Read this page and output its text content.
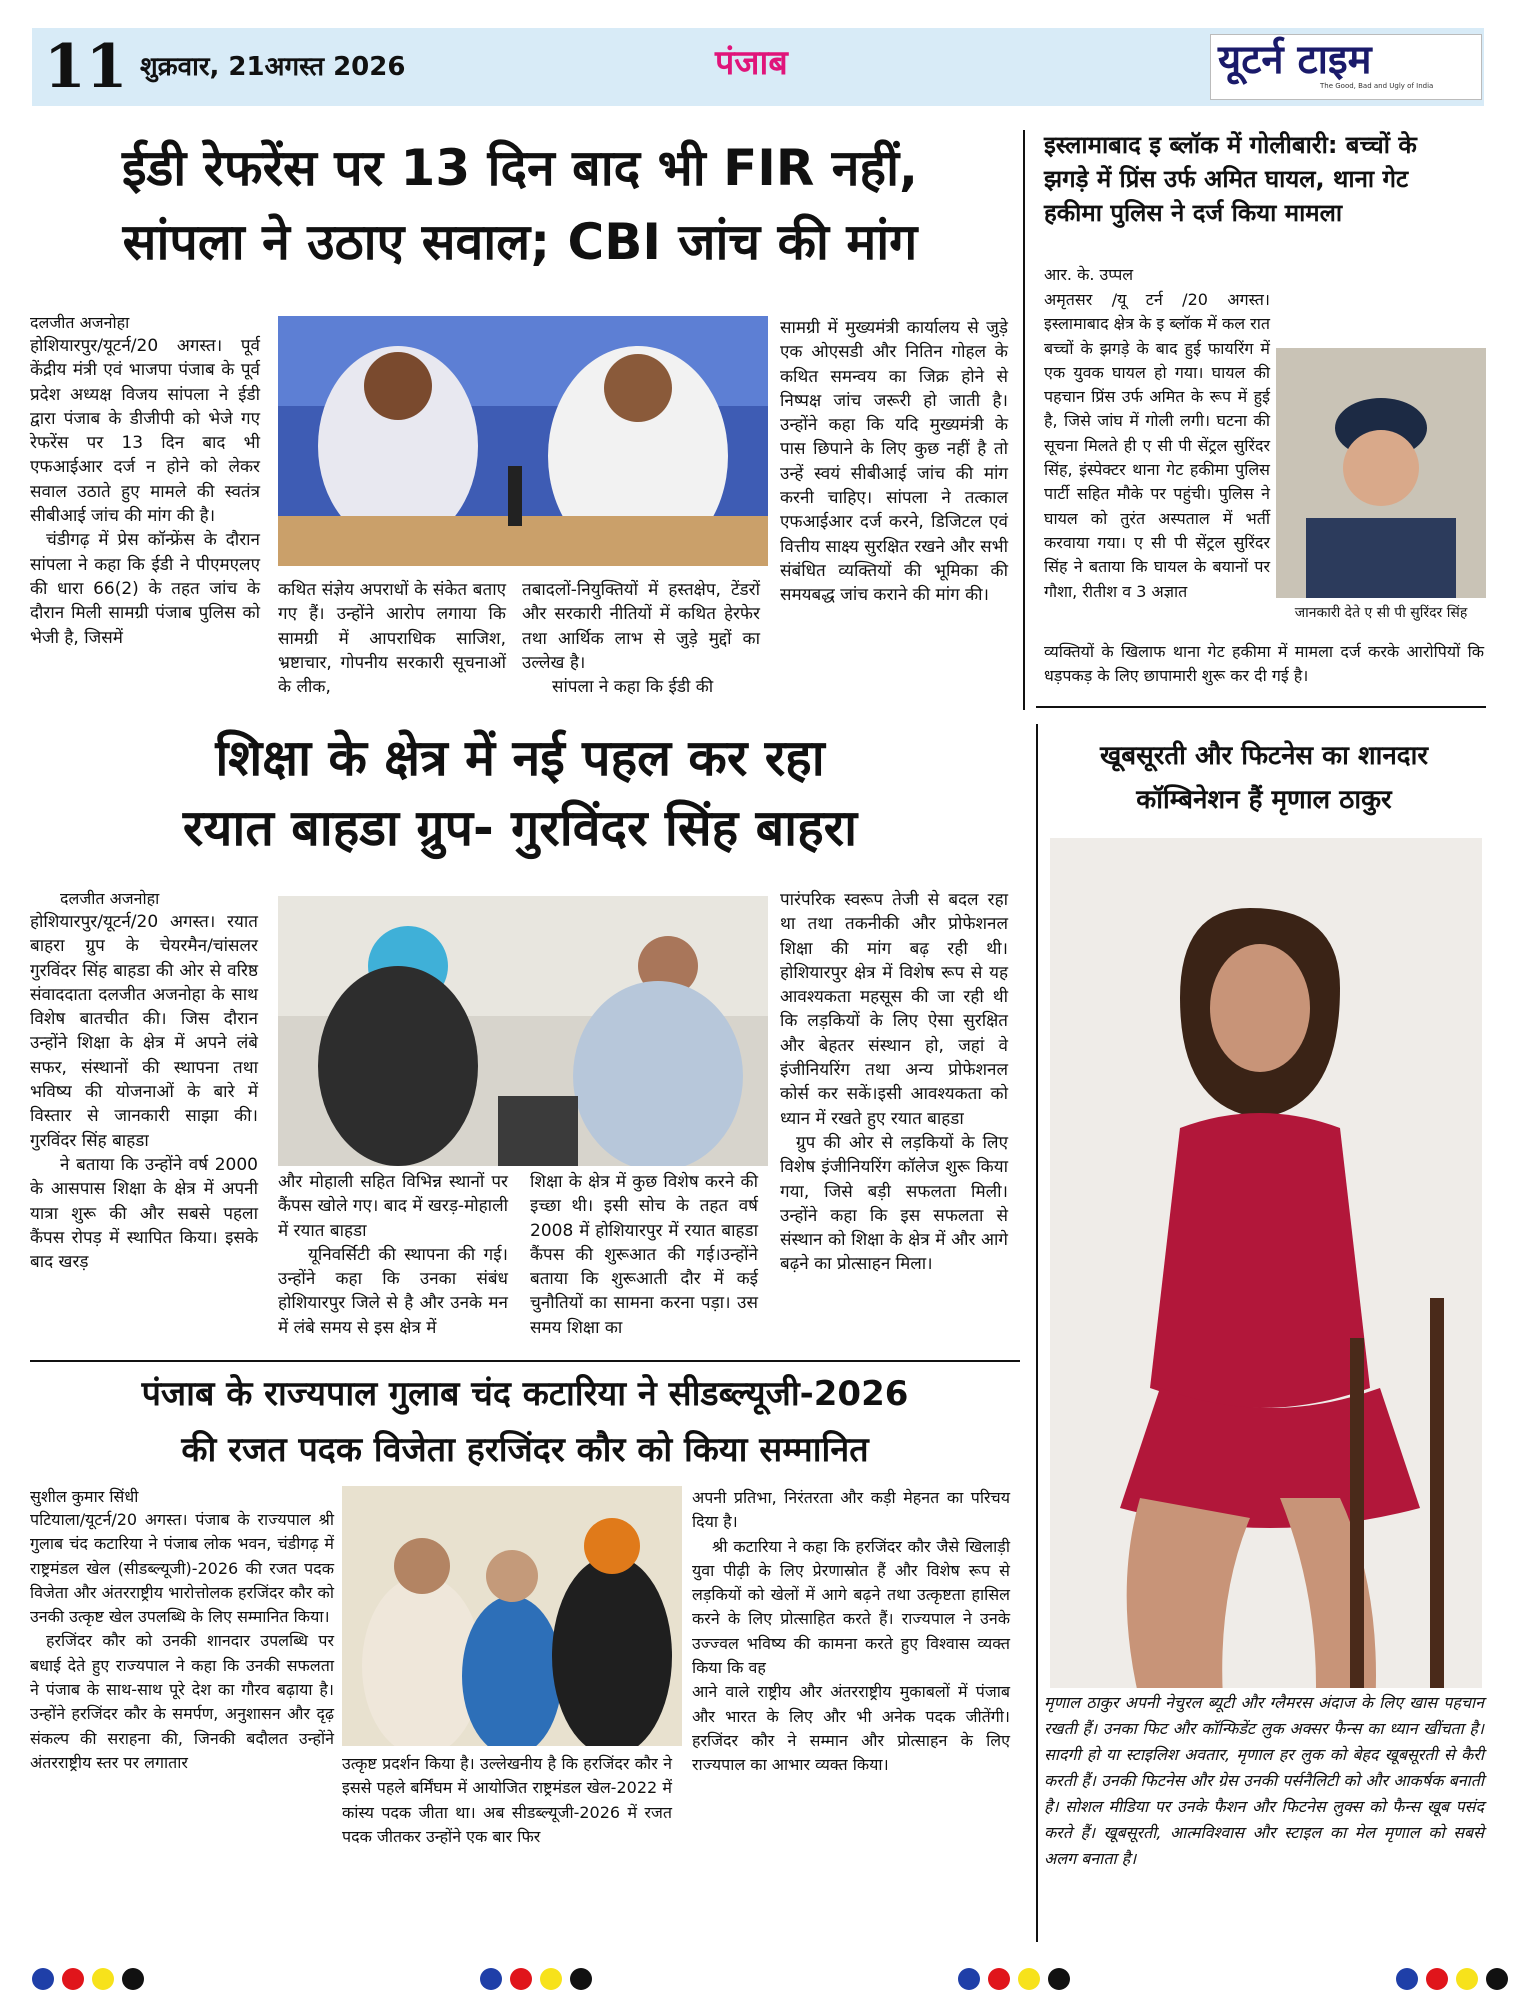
11 शुक्रवार, 21अगस्त 2026	पंजाब	यूटर्न टाइम
The Good, Bad and Ugly of India
ईडी रेफरेंस पर 13 दिन बाद भी FIR नहीं,
सांपला ने उठाए सवाल; CBI जांच की मांग
दलजीत अजनोहा

होशियारपुर/यूटर्न/20 अगस्त। पूर्व केंद्रीय मंत्री एवं भाजपा पंजाब के पूर्व प्रदेश अध्यक्ष विजय सांपला ने ईडी द्वारा पंजाब के डीजीपी को भेजे गए रेफरेंस पर 13 दिन बाद भी एफआईआर दर्ज न होने को लेकर सवाल उठाते हुए मामले की स्वतंत्र सीबीआई जांच की मांग की है।

चंडीगढ़ में प्रेस कॉन्फ्रेंस के दौरान सांपला ने कहा कि ईडी ने पीएमएलए की धारा 66(2) के तहत जांच के दौरान मिली सामग्री पंजाब पुलिस को भेजी है, जिसमें

कथित संज्ञेय अपराधों के संकेत बताए गए हैं। उन्होंने आरोप लगाया कि सामग्री में आपराधिक साजिश, भ्रष्टाचार, गोपनीय सरकारी सूचनाओं के लीक,

तबादलों-नियुक्तियों में हस्तक्षेप, टेंडरों और सरकारी नीतियों में कथित हेरफेर तथा आर्थिक लाभ से जुड़े मुद्दों का उल्लेख है।

सांपला ने कहा कि ईडी की

सामग्री में मुख्यमंत्री कार्यालय से जुड़े एक ओएसडी और नितिन गोहल के कथित समन्वय का जिक्र होने से निष्पक्ष जांच जरूरी हो जाती है। उन्होंने कहा कि यदि मुख्यमंत्री के पास छिपाने के लिए कुछ नहीं है तो उन्हें स्वयं सीबीआई जांच की मांग करनी चाहिए। सांपला ने तत्काल एफआईआर दर्ज करने, डिजिटल एवं वित्तीय साक्ष्य सुरक्षित रखने और सभी संबंधित व्यक्तियों की भूमिका की समयबद्ध जांच कराने की मांग की।
इस्लामाबाद इ ब्लॉक में गोलीबारी: बच्चों के
झगड़े में प्रिंस उर्फ अमित घायल, थाना गेट
हकीमा पुलिस ने दर्ज किया मामला
आर. के. उप्पल
जानकारी देते ए सी पी सुरिंदर सिंह
अमृतसर /यू टर्न /20 अगस्त। इस्लामाबाद क्षेत्र के इ ब्लॉक में कल रात बच्चों के झगड़े के बाद हुई फायरिंग में एक युवक घायल हो गया। घायल की पहचान प्रिंस उर्फ अमित के रूप में हुई है, जिसे जांघ में गोली लगी। घटना की सूचना मिलते ही ए सी पी सेंट्रल सुरिंदर सिंह, इंस्पेक्टर थाना गेट हकीमा पुलिस पार्टी सहित मौके पर पहुंची। पुलिस ने घायल को तुरंत अस्पताल में भर्ती करवाया गया। ए सी पी सेंट्रल सुरिंदर सिंह ने बताया कि घायल के बयानों पर गौशा, रीतीश व 3 अज्ञात
व्यक्तियों के खिलाफ थाना गेट हकीमा में मामला दर्ज करके आरोपियों कि धड़पकड़ के लिए छापामारी शुरू कर दी गई है।
शिक्षा के क्षेत्र में नई पहल कर रहा
रयात बाहडा ग्रुप- गुरविंदर सिंह बाहरा
दलजीत अजनोहा

होशियारपुर/यूटर्न/20 अगस्त। रयात बाहरा ग्रुप के चेयरमैन/चांसलर गुरविंदर सिंह बाहडा की ओर से वरिष्ठ संवाददाता दलजीत अजनोहा के साथ विशेष बातचीत की। जिस दौरान उन्होंने शिक्षा के क्षेत्र में अपने लंबे सफर, संस्थानों की स्थापना तथा भविष्य की योजनाओं के बारे में विस्तार से जानकारी साझा की।गुरविंदर सिंह बाहडा

ने बताया कि उन्होंने वर्ष 2000 के आसपास शिक्षा के क्षेत्र में अपनी यात्रा शुरू की और सबसे पहला कैंपस रोपड़ में स्थापित किया। इसके बाद खरड़

और मोहाली सहित विभिन्न स्थानों पर कैंपस खोले गए। बाद में खरड़-मोहाली में रयात बाहडा

यूनिवर्सिटी की स्थापना की गई।उन्होंने कहा कि उनका संबंध होशियारपुर जिले से है और उनके मन में लंबे समय से इस क्षेत्र में

शिक्षा के क्षेत्र में कुछ विशेष करने की इच्छा थी। इसी सोच के तहत वर्ष 2008 में होशियारपुर में रयात बाहडा कैंपस की शुरूआत की गई।उन्होंने बताया कि शुरूआती दौर में कई चुनौतियों का सामना करना पड़ा। उस समय शिक्षा का

पारंपरिक स्वरूप तेजी से बदल रहा था तथा तकनीकी और प्रोफेशनल शिक्षा की मांग बढ़ रही थी। होशियारपुर क्षेत्र में विशेष रूप से यह आवश्यकता महसूस की जा रही थी कि लड़कियों के लिए ऐसा सुरक्षित और बेहतर संस्थान हो, जहां वे इंजीनियरिंग तथा अन्य प्रोफेशनल कोर्स कर सकें।इसी आवश्यकता को ध्यान में रखते हुए रयात बाहडा

ग्रुप की ओर से लड़कियों के लिए विशेष इंजीनियरिंग कॉलेज शुरू किया गया, जिसे बड़ी सफलता मिली। उन्होंने कहा कि इस सफलता से संस्थान को शिक्षा के क्षेत्र में और आगे बढ़ने का प्रोत्साहन मिला।

खूबसूरती और फिटनेस का शानदार
कॉम्बिनेशन हैं मृणाल ठाकुर
मृणाल ठाकुर अपनी नेचुरल ब्यूटी और ग्लैमरस अंदाज के लिए खास पहचान रखती हैं। उनका फिट और कॉन्फिडेंट लुक अक्सर फैन्स का ध्यान खींचता है। सादगी हो या स्टाइलिश अवतार, मृणाल हर लुक को बेहद खूबसूरती से कैरी करती हैं। उनकी फिटनेस और ग्रेस उनकी पर्सनैलिटी को और आकर्षक बनाती है। सोशल मीडिया पर उनके फैशन और फिटनेस लुक्स को फैन्स खूब पसंद करते हैं। खूबसूरती, आत्मविश्वास और स्टाइल का मेल मृणाल को सबसे अलग बनाता है।
पंजाब के राज्यपाल गुलाब चंद कटारिया ने सीडब्ल्यूजी-2026
की रजत पदक विजेता हरजिंदर कौर को किया सम्मानित
सुशील कुमार सिंधी

पटियाला/यूटर्न/20 अगस्त। पंजाब के राज्यपाल श्री गुलाब चंद कटारिया ने पंजाब लोक भवन, चंडीगढ़ में राष्ट्रमंडल खेल (सीडब्ल्यूजी)-2026 की रजत पदक विजेता और अंतरराष्ट्रीय भारोत्तोलक हरजिंदर कौर को उनकी उत्कृष्ट खेल उपलब्धि के लिए सम्मानित किया।

हरजिंदर कौर को उनकी शानदार उपलब्धि पर बधाई देते हुए राज्यपाल ने कहा कि उनकी सफलता ने पंजाब के साथ-साथ पूरे देश का गौरव बढ़ाया है। उन्होंने हरजिंदर कौर के समर्पण, अनुशासन और दृढ़ संकल्प की सराहना की, जिनकी बदौलत उन्होंने अंतरराष्ट्रीय स्तर पर लगातार	उत्कृष्ट प्रदर्शन किया है। उल्लेखनीय है कि हरजिंदर कौर ने इससे पहले बर्मिंघम में आयोजित राष्ट्रमंडल खेल-2022 में कांस्य पदक जीता था। अब सीडब्ल्यूजी-2026 में रजत पदक जीतकर उन्होंने एक बार फिर

अपनी प्रतिभा, निरंतरता और कड़ी मेहनत का परिचय दिया है।

श्री कटारिया ने कहा कि हरजिंदर कौर जैसे खिलाड़ी युवा पीढ़ी के लिए प्रेरणास्रोत हैं और विशेष रूप से लड़कियों को खेलों में आगे बढ़ने तथा उत्कृष्टता हासिल करने के लिए प्रोत्साहित करते हैं। राज्यपाल ने उनके उज्ज्वल भविष्य की कामना करते हुए विश्वास व्यक्त किया कि वह

आने वाले राष्ट्रीय और अंतरराष्ट्रीय मुकाबलों में पंजाब और भारत के लिए और भी अनेक पदक जीतेंगी। हरजिंदर कौर ने सम्मान और प्रोत्साहन के लिए राज्यपाल का आभार व्यक्त किया।
